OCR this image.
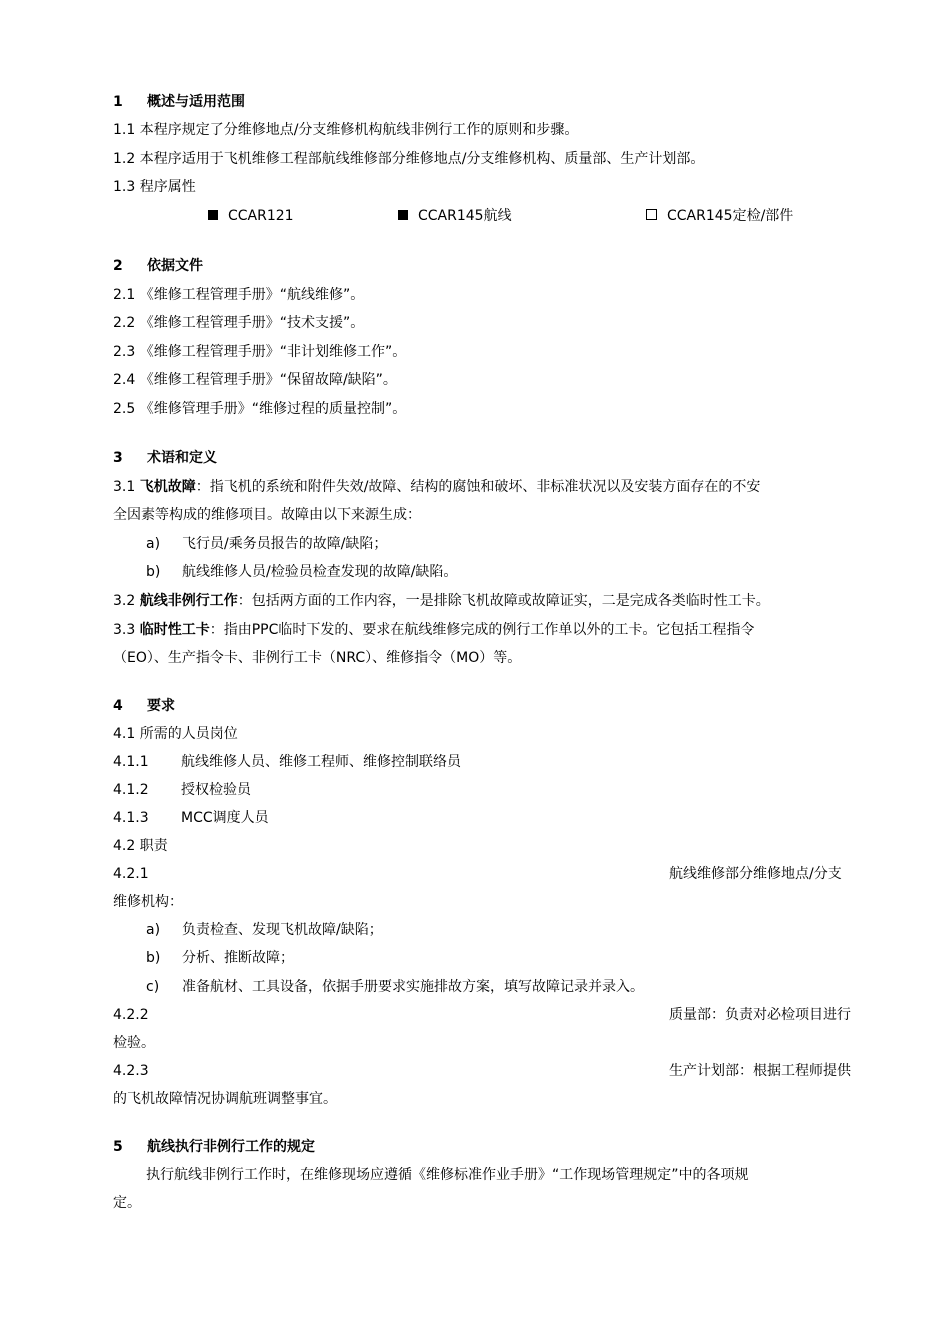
1 概述与适用范围
1.1 本程序规定了分维修地点/分支维修机构航线非例行工作的原则和步骤。
1.2 本程序适用于飞机维修工程部航线维修部分维修地点/分支维修机构、质量部、生产计划部。
1.3 程序属性
CCAR121	CCAR145航线	CCAR145定检/部件
2 依据文件
2.1 《维修工程管理手册》“航线维修”。
2.2 《维修工程管理手册》“技术支援”。
2.3 《维修工程管理手册》“非计划维修工作”。
2.4 《维修工程管理手册》“保留故障/缺陷”。
2.5 《维修管理手册》“维修过程的质量控制”。
3 术语和定义
3.1 飞机故障：指飞机的系统和附件失效/故障、结构的腐蚀和破坏、非标准状况以及安装方面存在的不安
全因素等构成的维修项目。故障由以下来源生成：
a) 飞行员/乘务员报告的故障/缺陷；
b) 航线维修人员/检验员检查发现的故障/缺陷。
3.2 航线非例行工作：包括两方面的工作内容，一是排除飞机故障或故障证实，二是完成各类临时性工卡。
3.3 临时性工卡：指由PPC临时下发的、要求在航线维修完成的例行工作单以外的工卡。它包括工程指令
（EO）、生产指令卡、非例行工卡（NRC）、维修指令（MO）等。
4 要求
4.1 所需的人员岗位
4.1.1 航线维修人员、维修工程师、维修控制联络员
4.1.2 授权检验员
4.1.3 MCC调度人员
4.2 职责
4.2.1	航线维修部分维修地点/分支
维修机构：
a) 负责检查、发现飞机故障/缺陷；
b) 分析、推断故障；
c) 准备航材、工具设备，依据手册要求实施排故方案，填写故障记录并录入。
4.2.2	质量部：负责对必检项目进行
检验。
4.2.3	生产计划部：根据工程师提供
的飞机故障情况协调航班调整事宜。
5 航线执行非例行工作的规定
执行航线非例行工作时，在维修现场应遵循《维修标准作业手册》“工作现场管理规定”中的各项规
定。
